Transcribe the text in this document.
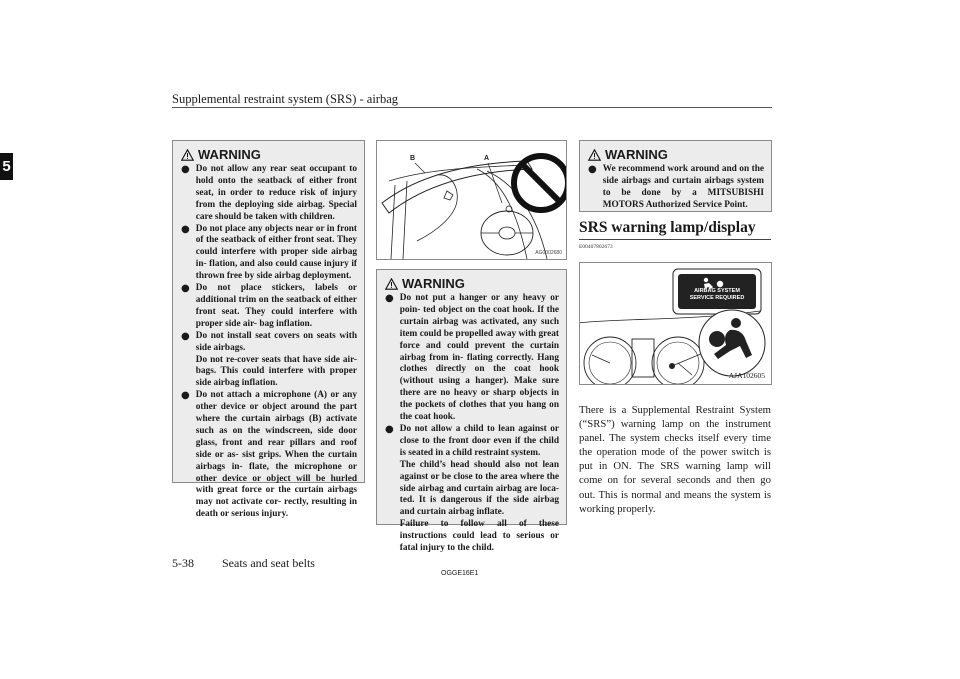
Supplemental restraint system (SRS) - airbag
5
WARNING
● Do not allow any rear seat occupant to hold onto the seatback of either front seat, in order to reduce risk of injury from the deploying side airbag. Special care should be taken with children.

● Do not place any objects near or in front of the seatback of either front seat. They could interfere with proper side airbag in- flation, and also could cause injury if thrown free by side airbag deployment.

● Do not place stickers, labels or additional trim on the seatback of either front seat. They could interfere with proper side air- bag inflation.

● Do not install seat covers on seats with side airbags.

Do not re-cover seats that have side air- bags. This could interfere with proper side airbag inflation.

● Do not attach a microphone (A) or any other device or object around the part where the curtain airbags (B) activate such as on the windscreen, side door glass, front and rear pillars and roof side or as- sist grips. When the curtain airbags in- flate, the microphone or other device or object will be hurled with great force or the curtain airbags may not activate cor- rectly, resulting in death or serious injury.

B	A
AG0002680
WARNING
● Do not put a hanger or any heavy or poin- ted object on the coat hook. If the curtain airbag was activated, any such item could be propelled away with great force and could prevent the curtain airbag from in- flating correctly. Hang clothes directly on the coat hook (without using a hanger). Make sure there are no heavy or sharp objects in the pockets of clothes that you hang on the coat hook.

● Do not allow a child to lean against or close to the front door even if the child is seated in a child restraint system.

The child’s head should also not lean against or be close to the area where the side airbag and curtain airbag are loca- ted. It is dangerous if the side airbag and curtain airbag inflate.

Failure to follow all of these instructions could lead to serious or fatal injury to the child.

WARNING
● We recommend work around and on the side airbags and curtain airbags system to be done by a MITSUBISHI MOTORS Authorized Service Point.

SRS warning lamp/display
E00407802673
AIRBAG SYSTEM
SERVICE REQUIRED
AJA102605

There is a Supplemental Restraint System (“SRS”) warning lamp on the instrument panel. The system checks itself every time the operation mode of the power switch is put in ON. The SRS warning lamp will come on for several seconds and then go out. This is normal and means the system is working properly.

5-38 Seats and seat belts
OGGE16E1
